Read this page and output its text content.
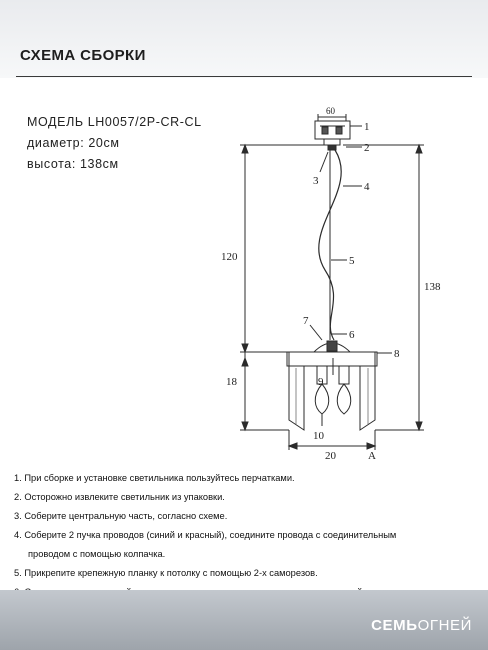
СХЕМА СБОРКИ
МОДЕЛЬ LH0057/2P-CR-CL
диаметр: 20см
высота: 138см
60
120
18
138
20	A
1
2
3	4
5
6
7
8
9
10
1. При сборке и установке светильника пользуйтесь перчатками.
2. Осторожно извлеките светильник из упаковки.
3. Соберите центральную часть, согласно схеме.
4. Соберите 2 пучка проводов (синий и красный), соедините провода с соединительным
проводом с помощью колпачка.
5. Прикрепите крепежную планку к потолку с помощью 2-х саморезов.
СЕМЬОГНЕЙ
